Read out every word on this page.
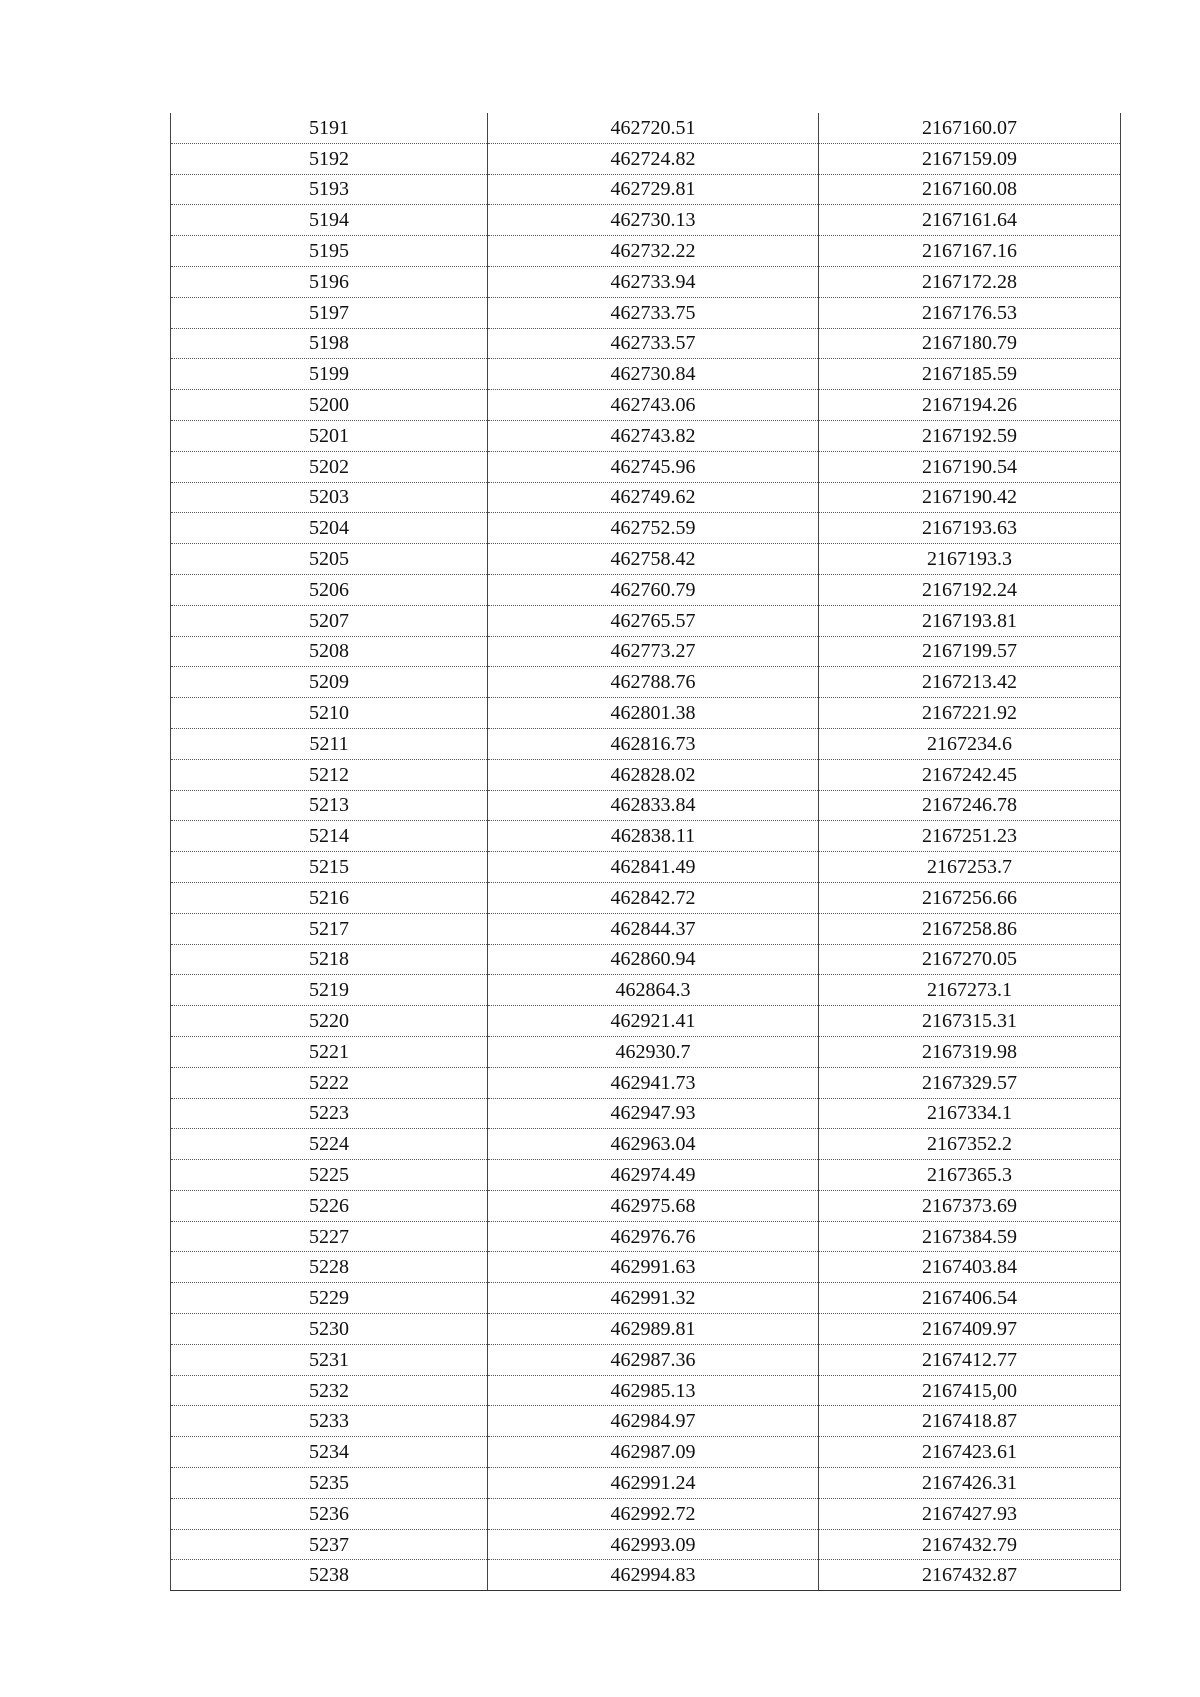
5191	462720.51	2167160.07
5192	462724.82	2167159.09
5193	462729.81	2167160.08
5194	462730.13	2167161.64
5195	462732.22	2167167.16
5196	462733.94	2167172.28
5197	462733.75	2167176.53
5198	462733.57	2167180.79
5199	462730.84	2167185.59
5200	462743.06	2167194.26
5201	462743.82	2167192.59
5202	462745.96	2167190.54
5203	462749.62	2167190.42
5204	462752.59	2167193.63
5205	462758.42	2167193.3
5206	462760.79	2167192.24
5207	462765.57	2167193.81
5208	462773.27	2167199.57
5209	462788.76	2167213.42
5210	462801.38	2167221.92
5211	462816.73	2167234.6
5212	462828.02	2167242.45
5213	462833.84	2167246.78
5214	462838.11	2167251.23
5215	462841.49	2167253.7
5216	462842.72	2167256.66
5217	462844.37	2167258.86
5218	462860.94	2167270.05
5219	462864.3	2167273.1
5220	462921.41	2167315.31
5221	462930.7	2167319.98
5222	462941.73	2167329.57
5223	462947.93	2167334.1
5224	462963.04	2167352.2
5225	462974.49	2167365.3
5226	462975.68	2167373.69
5227	462976.76	2167384.59
5228	462991.63	2167403.84
5229	462991.32	2167406.54
5230	462989.81	2167409.97
5231	462987.36	2167412.77
5232	462985.13	2167415,00
5233	462984.97	2167418.87
5234	462987.09	2167423.61
5235	462991.24	2167426.31
5236	462992.72	2167427.93
5237	462993.09	2167432.79
5238	462994.83	2167432.87
